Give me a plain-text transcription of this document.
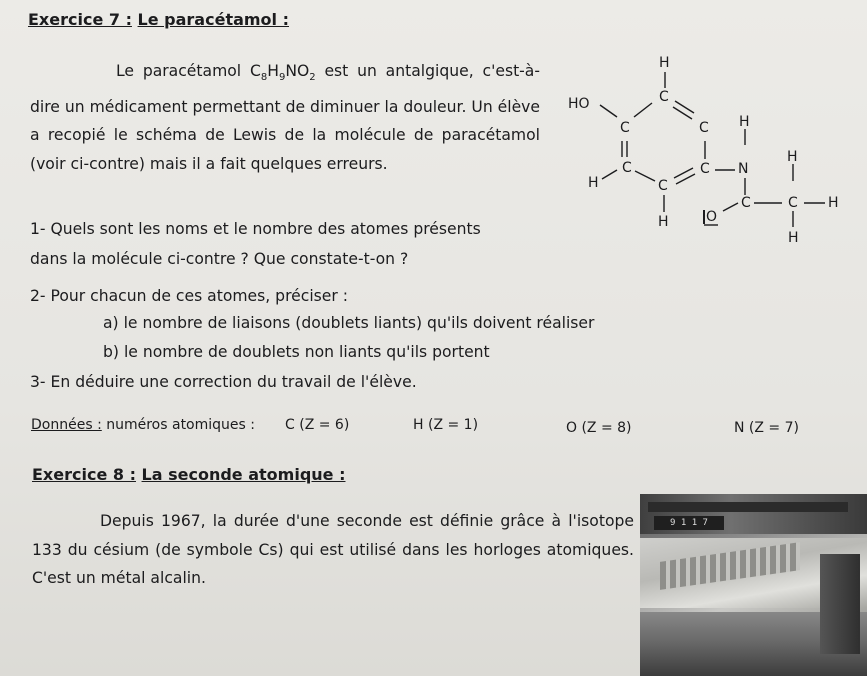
Exercice 7 : Le paracétamol :
Le paracétamol $C_8H_9NO_2$ est un antalgique, c'est-à-dire un médicament permettant de diminuer la douleur. Un élève a recopié le schéma de Lewis de la molécule de paracétamol (voir ci-contre) mais il a fait quelques erreurs.
H
HO	C
C	C H
C
H	C
C N
H
C	C H
H	O
H
1- Quels sont les noms et le nombre des atomes présents
dans la molécule ci-contre ? Que constate-t-on ?
2- Pour chacun de ces atomes, préciser :
a) le nombre de liaisons (doublets liants) qu'ils doivent réaliser
b) le nombre de doublets non liants qu'ils portent
3- En déduire une correction du travail de l'élève.
Données : numéros atomiques : C (Z = 6)	H (Z = 1)	O (Z = 8)	N (Z = 7)
Exercice 8 : La seconde atomique :
Depuis 1967, la durée d'une seconde est définie grâce à l'isotope 133 du césium (de symbole Cs) qui est utilisé dans les horloges atomiques. C'est un métal alcalin.
9 1 1 7
